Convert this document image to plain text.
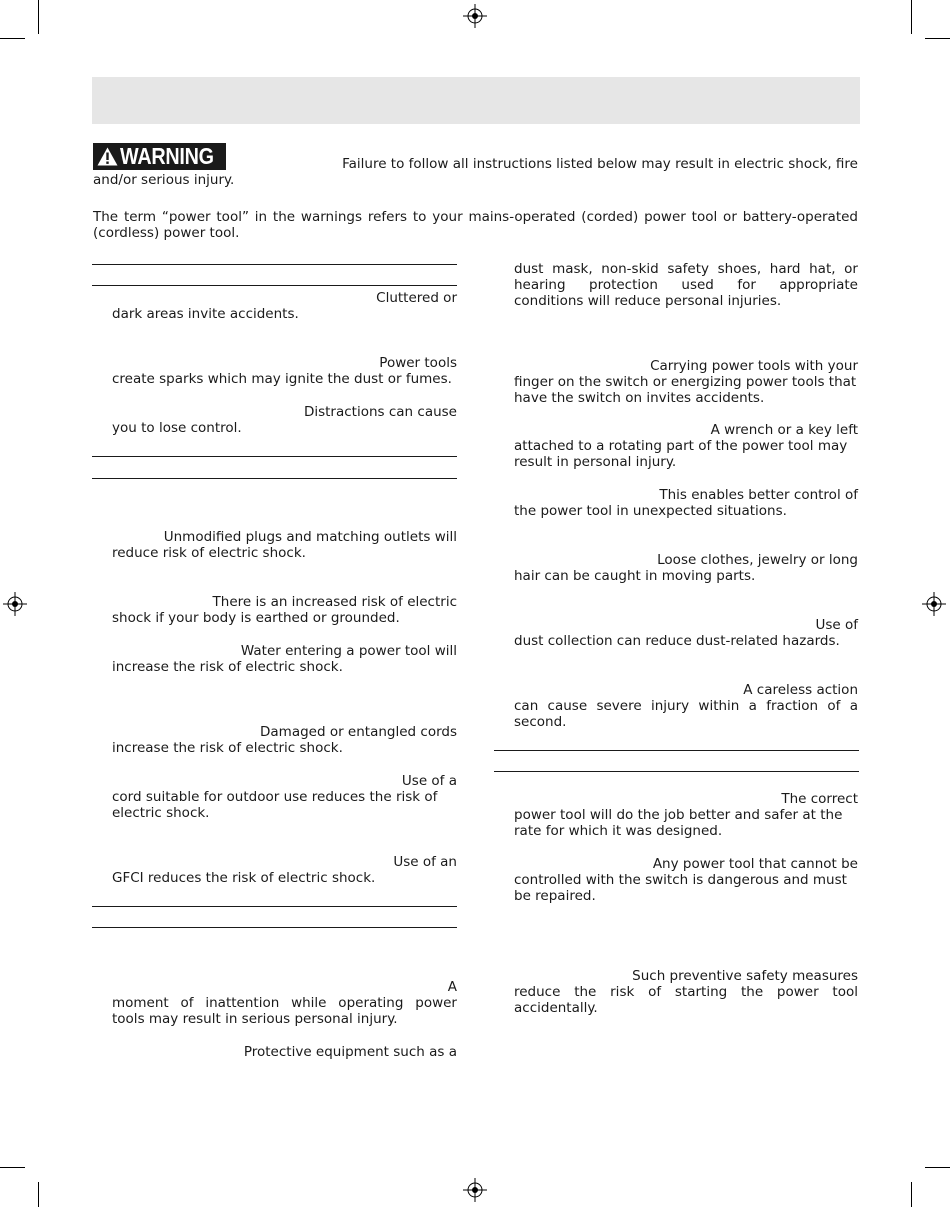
WARNING	Failure to follow all instructions listed below may result in electric shock, fire

and/or serious injury.

The term “power tool” in the warnings refers to your mains-operated (corded) power tool or battery-operated

(cordless) power tool.

Cluttered or

dark areas invite accidents.

Power tools

create sparks which may ignite the dust or fumes.

Distractions can cause

you to lose control.

Unmodified plugs and matching outlets will

reduce risk of electric shock.

There is an increased risk of electric

shock if your body is earthed or grounded.

Water entering a power tool will

increase the risk of electric shock.

Damaged or entangled cords

increase the risk of electric shock.

Use of a

cord suitable for outdoor use reduces the risk of

electric shock.

Use of an

GFCI reduces the risk of electric shock.

A

moment of inattention while operating power

tools may result in serious personal injury.

Protective equipment such as a

dust mask, non-skid safety shoes, hard hat, or

hearing protection used for appropriate

conditions will reduce personal injuries.

Carrying power tools with your

finger on the switch or energizing power tools that

have the switch on invites accidents.

A wrench or a key left

attached to a rotating part of the power tool may

result in personal injury.

This enables better control of

the power tool in unexpected situations.

Loose clothes, jewelry or long

hair can be caught in moving parts.

Use of

dust collection can reduce dust-related hazards.

A careless action

can cause severe injury within a fraction of a

second.

The correct

power tool will do the job better and safer at the

rate for which it was designed.

Any power tool that cannot be

controlled with the switch is dangerous and must

be repaired.

Such preventive safety measures

reduce the risk of starting the power tool

accidentally.
